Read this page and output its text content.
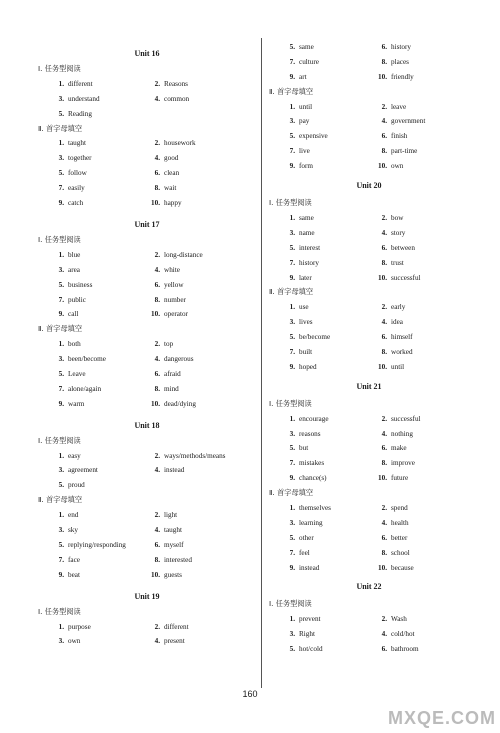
Unit 16
Ⅰ. 任务型阅读
1. different	2. Reasons
3. understand	4. common
5. Reading
Ⅱ. 首字母填空
1. taught	2. housework
3. together	4. good
5. follow	6. clean
7. easily	8. wait
9. catch	10. happy
Unit 17
Ⅰ. 任务型阅读
1. blue	2. long-distance
3. area	4. white
5. business	6. yellow
7. public	8. number
9. call	10. operator
Ⅱ. 首字母填空
1. both	2. top
3. been/become	4. dangerous
5. Leave	6. afraid
7. alone/again	8. mind
9. warm	10. dead/dying
Unit 18
Ⅰ. 任务型阅读
1. easy	2. ways/methods/means
3. agreement	4. instead
5. proud
Ⅱ. 首字母填空
1. end	2. light
3. sky	4. taught
5. replying/responding	6. myself
7. face	8. interested
9. beat	10. guests
Unit 19
Ⅰ. 任务型阅读
1. purpose	2. different
3. own	4. present
5. same	6. history
7. culture	8. places
9. art	10. friendly
Ⅱ. 首字母填空
1. until	2. leave
3. pay	4. government
5. expensive	6. finish
7. live	8. part-time
9. form	10. own
Unit 20
Ⅰ. 任务型阅读
1. same	2. bow
3. name	4. story
5. interest	6. between
7. history	8. trust
9. later	10. successful
Ⅱ. 首字母填空
1. use	2. early
3. lives	4. idea
5. be/become	6. himself
7. built	8. worked
9. hoped	10. until
Unit 21
Ⅰ. 任务型阅读
1. encourage	2. successful
3. reasons	4. nothing
5. but	6. make
7. mistakes	8. improve
9. chance(s)	10. future
Ⅱ. 首字母填空
1. themselves	2. spend
3. learning	4. health
5. other	6. better
7. feel	8. school
9. instead	10. because
Unit 22
Ⅰ. 任务型阅读
1. prevent	2. Wash
3. Right	4. cold/hot
5. hot/cold	6. bathroom
160
MXQE.COM
